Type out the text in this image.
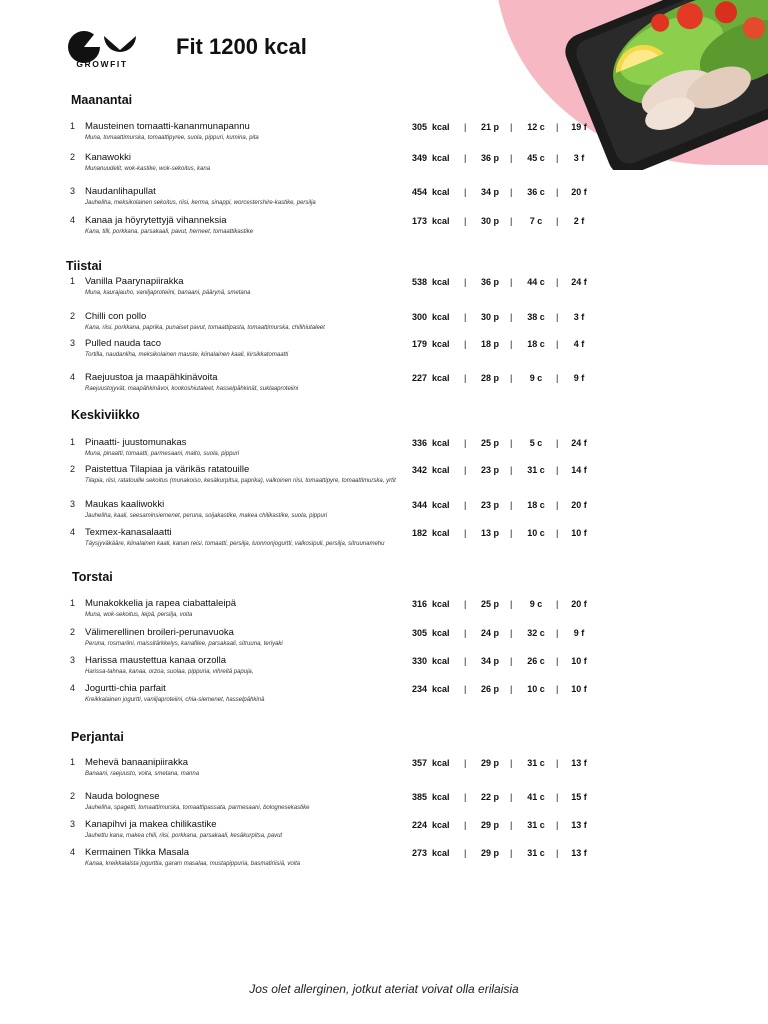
GROWFIT
Fit 1200 kcal
Maanantai
1 Mausteinen tomaatti-kananmunapannu
Muna, tomaattimurska, tomaattipyree, suola, pippuri, kumina, pita
305 kcal |	21 p	|	12 c	|	19 f
2 Kanawokki
Munanuudelit, wok-kastike, wok-sekoitus, kana
349 kcal |	36 p	|	45 c	|	3 f
3 Naudanlihapullat
Jauheliha, meksikolainen sekoitus, riisi, kerma, sinappi, worcestershire-kastike, persilja
454 kcal |	34 p	|	36 c	|	20 f
4 Kanaa ja höyrytettyjä vihanneksia
Kana, tilli, porkkana, parsakaali, pavut, herneet, tomaattikastike
173 kcal |	30 p	|	7 c	|	2 f
Tiistai
1 Vanilla Paarynapiirakka
Muna, kaurajauho, vaniljaproteiini, banaani, päärynä, smetana
538 kcal |	36 p	|	44 c	|	24 f
2 Chilli con pollo
Kana, riisi, porkkana, paprika, punaiset pavut, tomaattipasta, tomaattimurska, chilihiutaleet
300 kcal |	30 p	|	38 c	|	3 f
3 Pulled nauda taco
Tortilla, naudanliha, meksikolainen mauste, kiinalainen kaali, kirsikkatomaatti
179 kcal |	18 p	|	18 c	|	4 f
4 Raejuustoa ja maapähkinävoita
Raejuustojyvät, maapähkinävoi, kookoshiutaleet, hasselpähkinät, suklaaproteiini
227 kcal |	28 p	|	9 c	|	9 f
Keskiviikko
1 Pinaatti- juustomunakas
Muna, pinaatti, tomaatti, parmesaani, maito, suola, pippuri
336 kcal |	25 p	|	5 c	|	24 f
2 Paistettua Tilapiaa ja värikäs ratatouille
Tilapia, riisi, ratatouille sekoitus (munakoiso, kesäkurpitsa, paprika), valkoinen riisi, tomaattipyre, tomaattimurska, yrtit
342 kcal |	23 p	|	31 c	|	14 f
3 Maukas kaaliwokki
Jauheliha, kaali, seesaminsiemenet, peruna, soijakastike, makea chilikastike, suola, pippuri
344 kcal |	23 p	|	18 c	|	20 f
4 Texmex-kanasalaatti
Täysjyväkääre, kiinalainen kaali, kanan reisi, tomaatti, persilja, luonnonjogurtti, valkosipuli, persilja, sitruunamehu
182 kcal |	13 p	|	10 c	|	10 f
Torstai
1 Munakokkelia ja rapea ciabattaleipä
Muna, wok-sekoitus, leipä, persilja, voita
316 kcal |	25 p	|	9 c	|	20 f
2 Välimerellinen broileri-perunavuoka
Peruna, rosmariini, maissitärkkelys, kanafilee, parsakaali, sitruuna, teriyaki
305 kcal |	24 p	|	32 c	|	9 f
3 Harissa maustettua kanaa orzolla
Harissa-tahnaa, kanaa, orzoa, suolaa, pippuria, vihreitä papuja,
330 kcal |	34 p	|	26 c	|	10 f
4 Jogurtti-chia parfait
Kreikkalainen jogurtti, vaniljaproteiini, chia-siemenet, hasselpähkinä
234 kcal |	26 p	|	10 c	|	10 f
Perjantai
1 Mehevä banaanipiirakka
Banaani, raejuusto, voita, smetana, manna
357 kcal |	29 p	|	31 c	|	13 f
2 Nauda bolognese
Jauheliha, spagetti, tomaattimurska, tomaattipassata, parmesaani, bolognesekastike
385 kcal |	22 p	|	41 c	|	15 f
3 Kanapihvi ja makea chilikastike
Jauhettu kana, makea chili, riisi, porkkana, parsakaali, kesäkurpitsa, pavut
224 kcal |	29 p	|	31 c	|	13 f
4 Kermainen Tikka Masala
Kanaa, kreikkalaista jogurttia, garam masalaa, mustapippuria, basmatiriisiä, voita
273 kcal |	29 p	|	31 c	|	13 f
Jos olet allerginen, jotkut ateriat voivat olla erilaisia
